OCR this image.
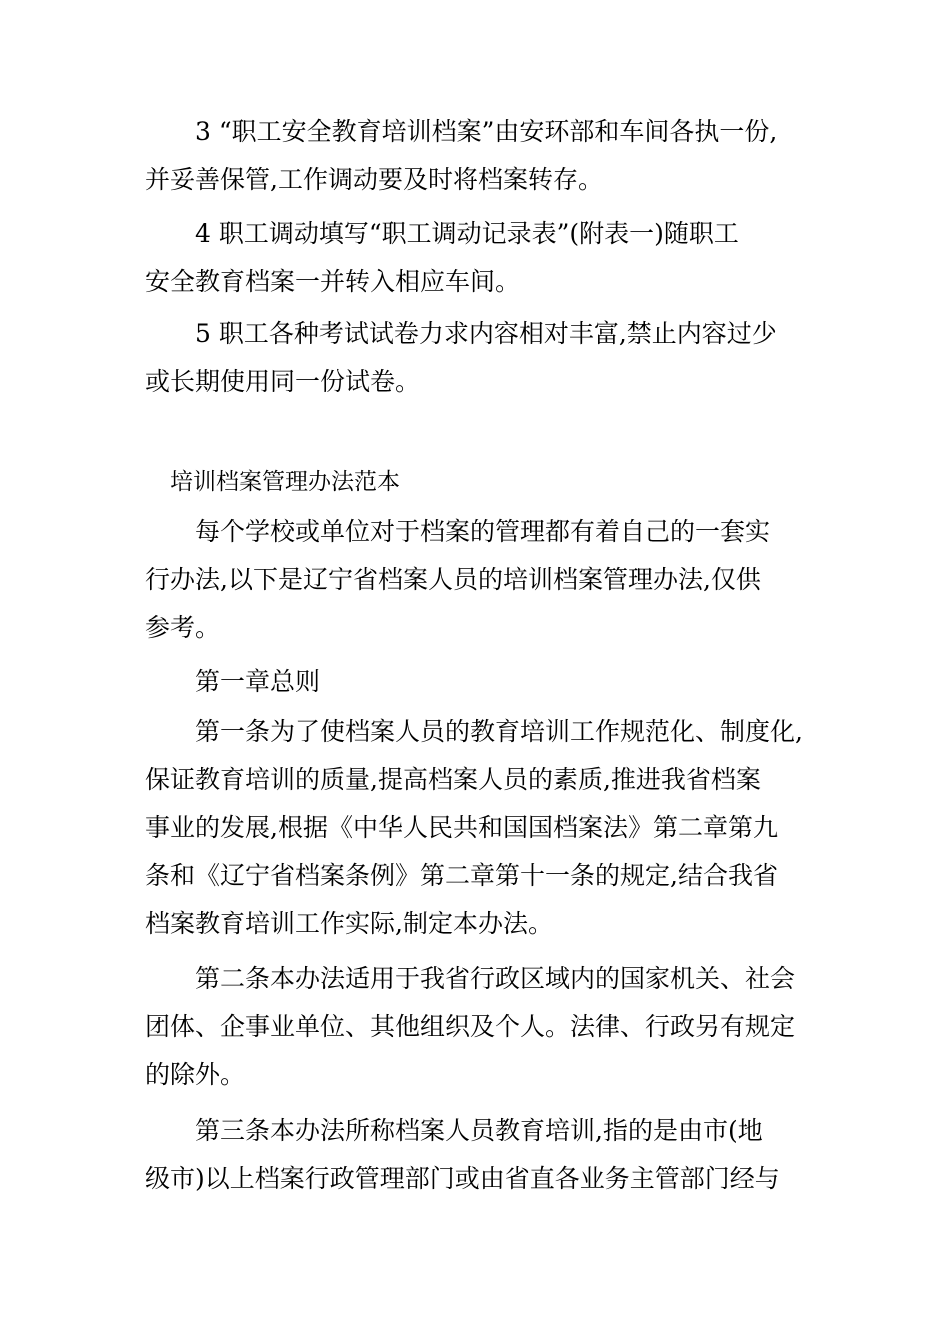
3 “职工安全教育培训档案”由安环部和车间各执一份,
并妥善保管,工作调动要及时将档案转存。
4 职工调动填写“职工调动记录表”(附表一)随职工
安全教育档案一并转入相应车间。
5 职工各种考试试卷力求内容相对丰富,禁止内容过少
或长期使用同一份试卷。
培训档案管理办法范本
每个学校或单位对于档案的管理都有着自己的一套实
行办法,以下是辽宁省档案人员的培训档案管理办法,仅供
参考。
第一章总则
第一条为了使档案人员的教育培训工作规范化、制度化,
保证教育培训的质量,提高档案人员的素质,推进我省档案
事业的发展,根据《中华人民共和国国档案法》第二章第九
条和《辽宁省档案条例》第二章第十一条的规定,结合我省
档案教育培训工作实际,制定本办法。
第二条本办法适用于我省行政区域内的国家机关、社会
团体、企事业单位、其他组织及个人。法律、行政另有规定
的除外。
第三条本办法所称档案人员教育培训,指的是由市(地
级市)以上档案行政管理部门或由省直各业务主管部门经与
